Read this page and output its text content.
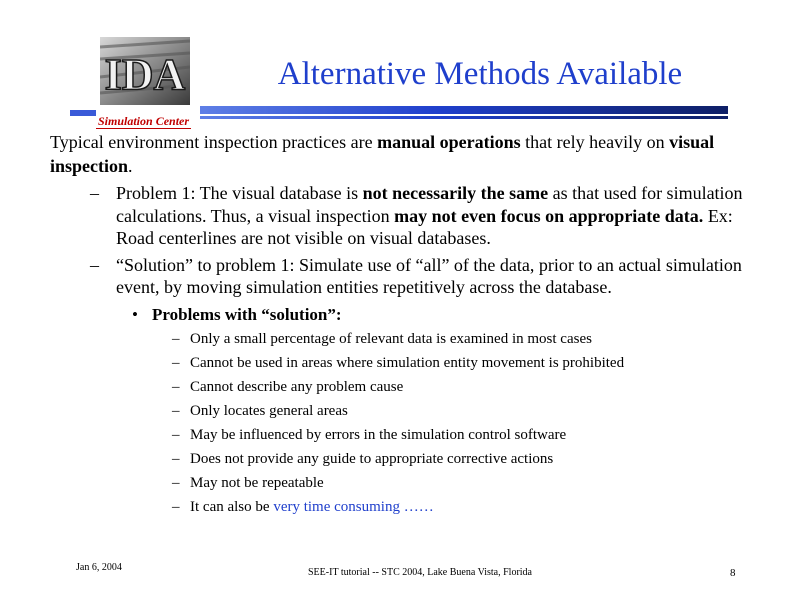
IDA	Alternative Methods Available
Simulation Center

Typical environment inspection practices are manual operations that rely heavily on visual inspection.

– Problem 1: The visual database is not necessarily the same as that used for simulation calculations. Thus, a visual inspection may not even focus on appropriate data. Ex: Road centerlines are not visible on visual databases.
– “Solution” to problem 1: Simulate use of “all” of the data, prior to an actual simulation event, by moving simulation entities repetitively across the database.
• Problems with “solution”:
– Only a small percentage of relevant data is examined in most cases
– Cannot be used in areas where simulation entity movement is prohibited
– Cannot describe any problem cause
– Only locates general areas
– May be influenced by errors in the simulation control software
– Does not provide any guide to appropriate corrective actions
– May not be repeatable
– It can also be very time consuming ……
Jan 6, 2004	SEE-IT tutorial -- STC 2004, Lake Buena Vista, Florida	8
